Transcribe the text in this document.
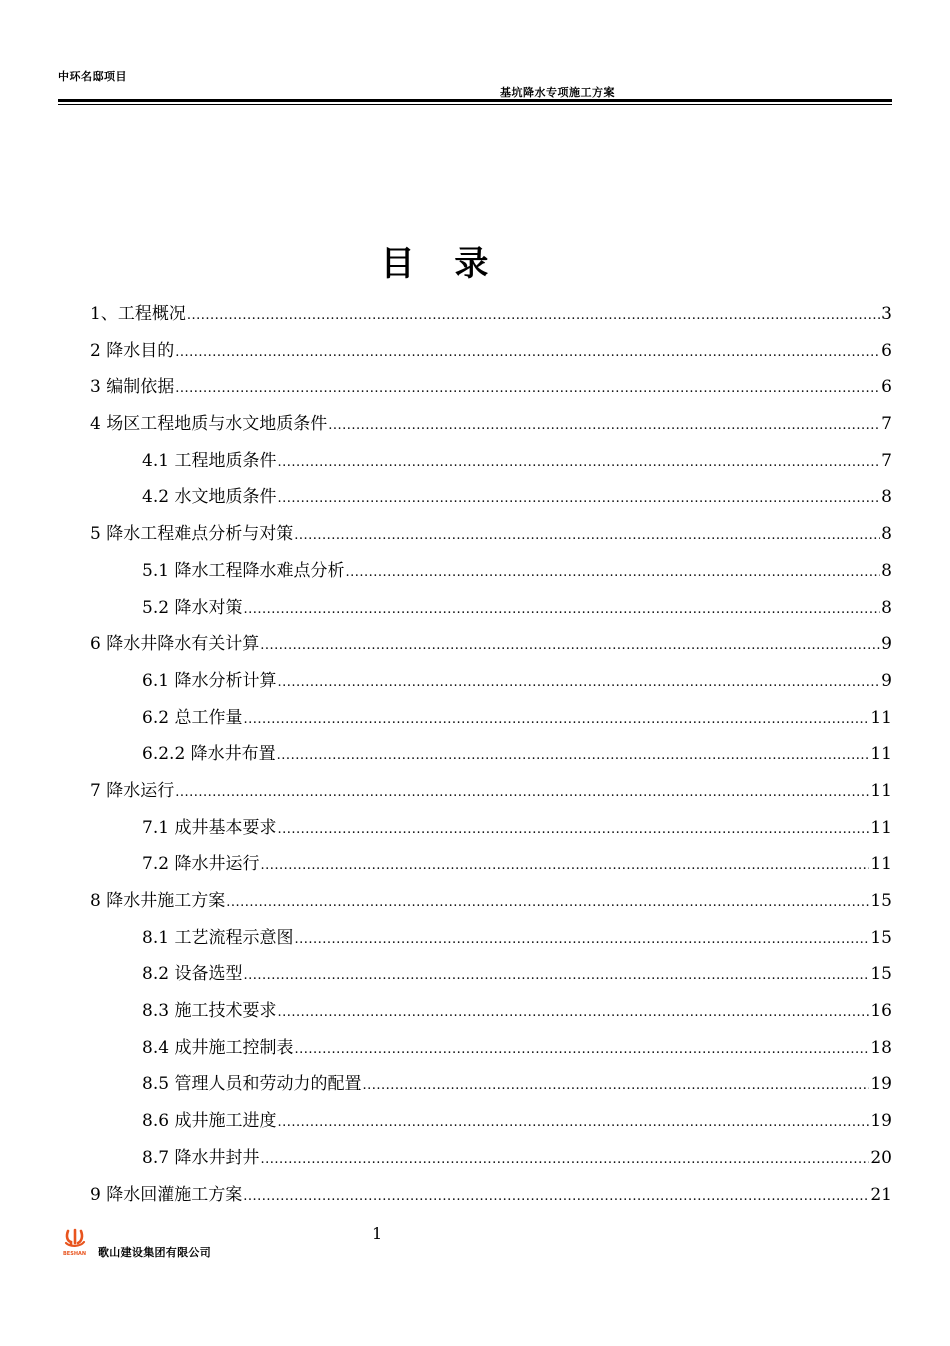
中环名邸项目
基坑降水专项施工方案
目 录
1、工程概况 .....	3
2 降水目的 .....	6
3 编制依据 .....	6
4 场区工程地质与水文地质条件 .....	7
4.1 工程地质条件 .....	7
4.2 水文地质条件 .....	8
5 降水工程难点分析与对策 .....	8
5.1 降水工程降水难点分析 .....	8
5.2 降水对策 .....	8
6 降水井降水有关计算 .....	9
6.1 降水分析计算 .....	9
6.2 总工作量 .....	11
6.2.2 降水井布置 .....	11
7 降水运行 .....	11
7.1 成井基本要求 .....	11
7.2 降水井运行 .....	11
8 降水井施工方案 .....	15
8.1 工艺流程示意图 .....	15
8.2 设备选型 .....	15
8.3 施工技术要求 .....	16
8.4 成井施工控制表 .....	18
8.5 管理人员和劳动力的配置 .....	19
8.6 成井施工进度 .....	19
8.7 降水井封井 .....	20
9 降水回灌施工方案 .....	21
1
BESHAN 歌山建设集团有限公司
